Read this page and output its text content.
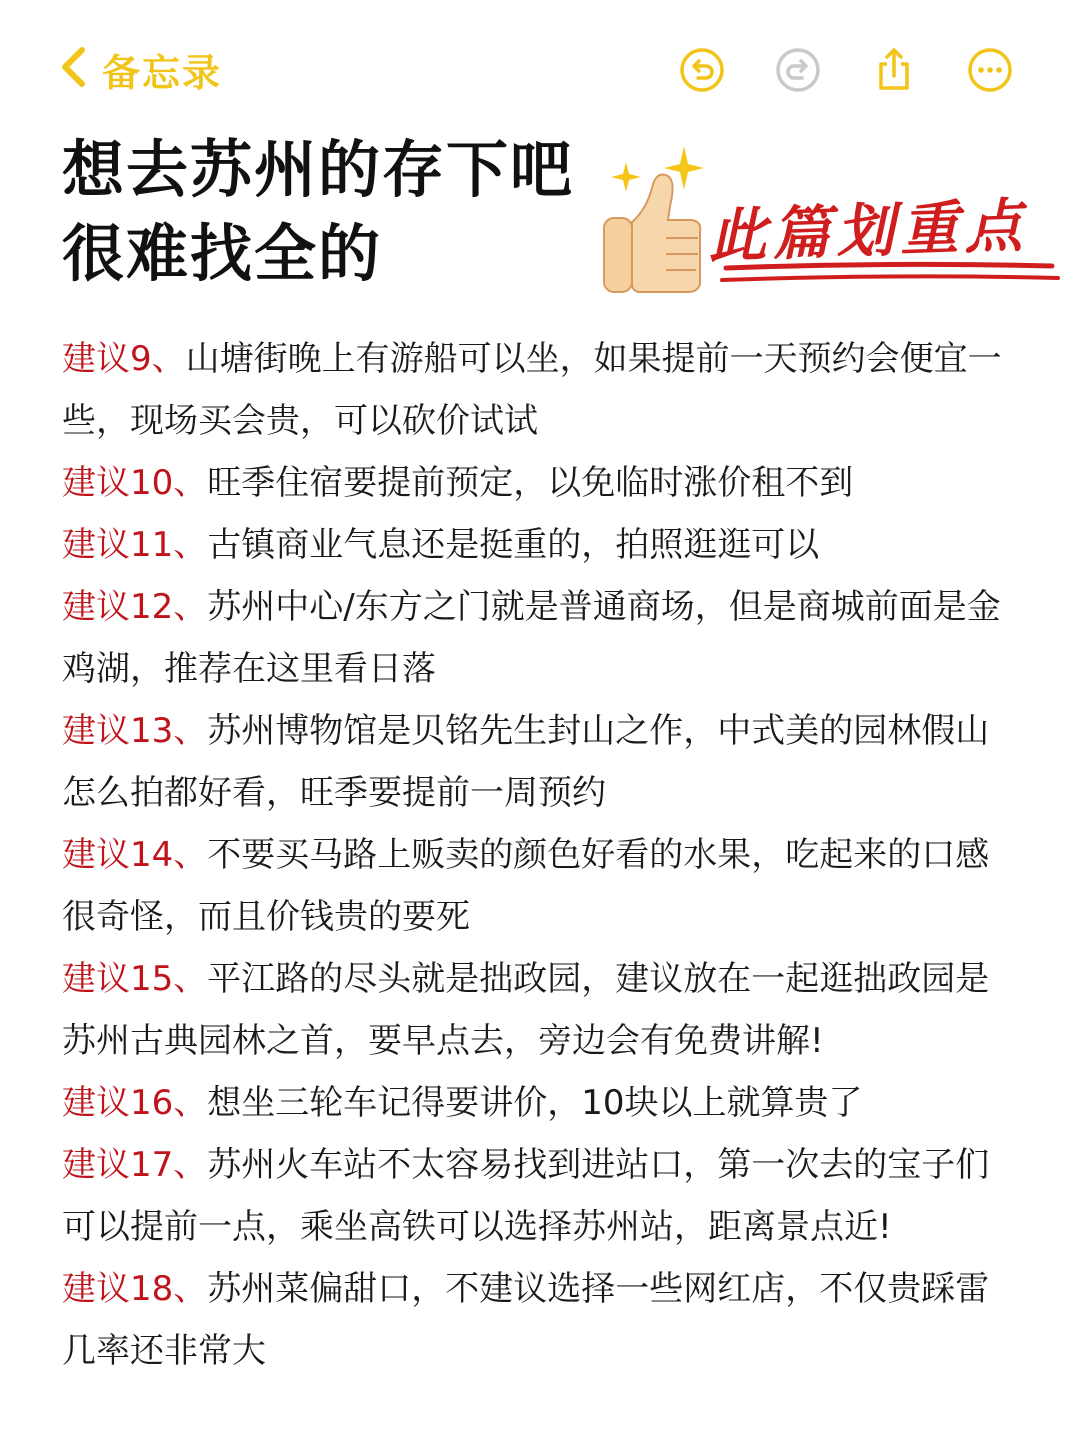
备忘录
想去苏州的存下吧
很难找全的	此篇划重点

建议9、山塘街晚上有游船可以坐，如果提前一天预约会便宜一些，现场买会贵，可以砍价试试

建议10、旺季住宿要提前预定，以免临时涨价租不到

建议11、古镇商业气息还是挺重的，拍照逛逛可以

建议12、苏州中心/东方之门就是普通商场，但是商城前面是金鸡湖，推荐在这里看日落

建议13、苏州博物馆是贝铭先生封山之作，中式美的园林假山怎么拍都好看，旺季要提前一周预约

建议14、不要买马路上贩卖的颜色好看的水果，吃起来的口感很奇怪，而且价钱贵的要死

建议15、平江路的尽头就是拙政园，建议放在一起逛拙政园是苏州古典园林之首，要早点去，旁边会有免费讲解!

建议16、想坐三轮车记得要讲价，10块以上就算贵了

建议17、苏州火车站不太容易找到进站口，第一次去的宝子们可以提前一点，乘坐高铁可以选择苏州站，距离景点近!

建议18、苏州菜偏甜口，不建议选择一些网红店，不仅贵踩雷几率还非常大
